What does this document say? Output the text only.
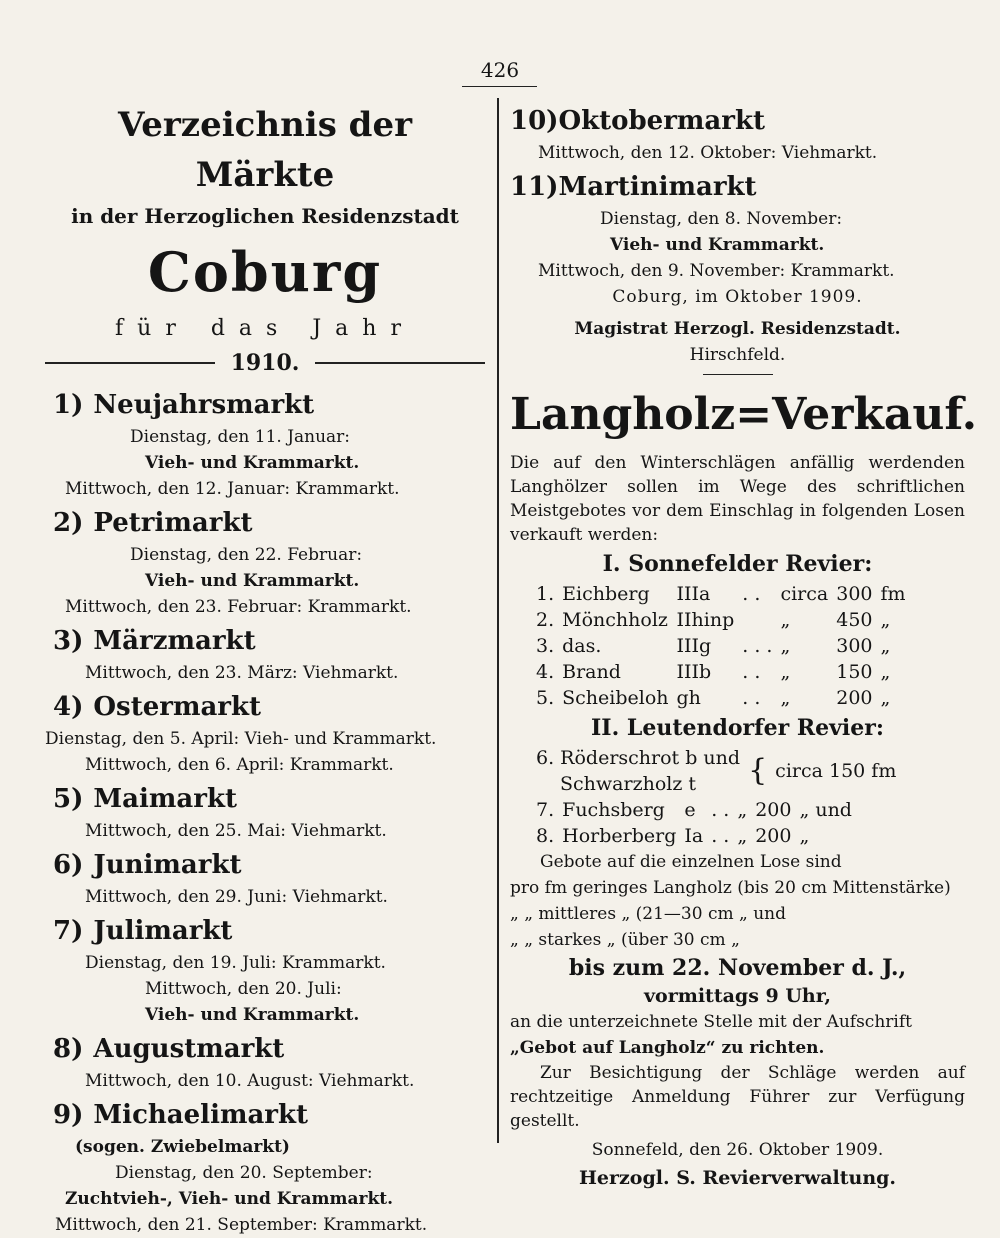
426
Verzeichnis der Märkte
in der Herzoglichen Residenzstadt
Coburg
für das Jahr
1910.
1) Neujahrsmarkt
Dienstag, den 11. Januar:
Vieh- und Krammarkt.
Mittwoch, den 12. Januar: Krammarkt.
2) Petrimarkt
Dienstag, den 22. Februar:
Vieh- und Krammarkt.
Mittwoch, den 23. Februar: Krammarkt.
3) Märzmarkt
Mittwoch, den 23. März: Viehmarkt.
4) Ostermarkt
Dienstag, den 5. April: Vieh- und Krammarkt.
Mittwoch, den 6. April: Krammarkt.
5) Maimarkt
Mittwoch, den 25. Mai: Viehmarkt.
6) Junimarkt
Mittwoch, den 29. Juni: Viehmarkt.
7) Julimarkt
Dienstag, den 19. Juli: Krammarkt.
Mittwoch, den 20. Juli:
Vieh- und Krammarkt.
8) Augustmarkt
Mittwoch, den 10. August: Viehmarkt.
9) Michaelimarkt
(sogen. Zwiebelmarkt)
Dienstag, den 20. September:
Zuchtvieh-, Vieh- und Krammarkt.
Mittwoch, den 21. September: Krammarkt.
10)Oktobermarkt
Mittwoch, den 12. Oktober: Viehmarkt.
11)Martinimarkt
Dienstag, den 8. November:
Vieh- und Krammarkt.
Mittwoch, den 9. November: Krammarkt.
Coburg, im Oktober 1909.
Magistrat Herzogl. Residenzstadt.
Hirschfeld.
Langholz=Verkauf.
Die auf den Winterschlägen anfällig werdenden Langhölzer sollen im Wege des schriftlichen Meistgebotes vor dem Einschlag in folgenden Losen verkauft werden:
I. Sonnefelder Revier:
1.	Eichberg	IIIa	. .	circa	300	fm
2.	Mönchholz	IIhinp		„	450	„
3.	das.	IIIg	. . .	„	300	„
4.	Brand	IIIb	. .	„	150	„
5.	Scheibeloh	gh	. .	„	200	„
II. Leutendorfer Revier:
6. Röderschrot b und	{	circa 150 fm
Schwarzholz t
7.	Fuchsberg	e	. .	„	200	„ und
8.	Horberberg	Ia	. .	„	200	„
Gebote auf die einzelnen Lose sind
pro fm geringes Langholz (bis 20 cm Mittenstärke)
„ „ mittleres „ (21—30 cm „ und
„ „ starkes „ (über 30 cm „
bis zum 22. November d. J.,
vormittags 9 Uhr,
an die unterzeichnete Stelle mit der Aufschrift
„Gebot auf Langholz“ zu richten.
Zur Besichtigung der Schläge werden auf rechtzeitige Anmeldung Führer zur Verfügung gestellt.
Sonnefeld, den 26. Oktober 1909.
Herzogl. S. Revierverwaltung.
